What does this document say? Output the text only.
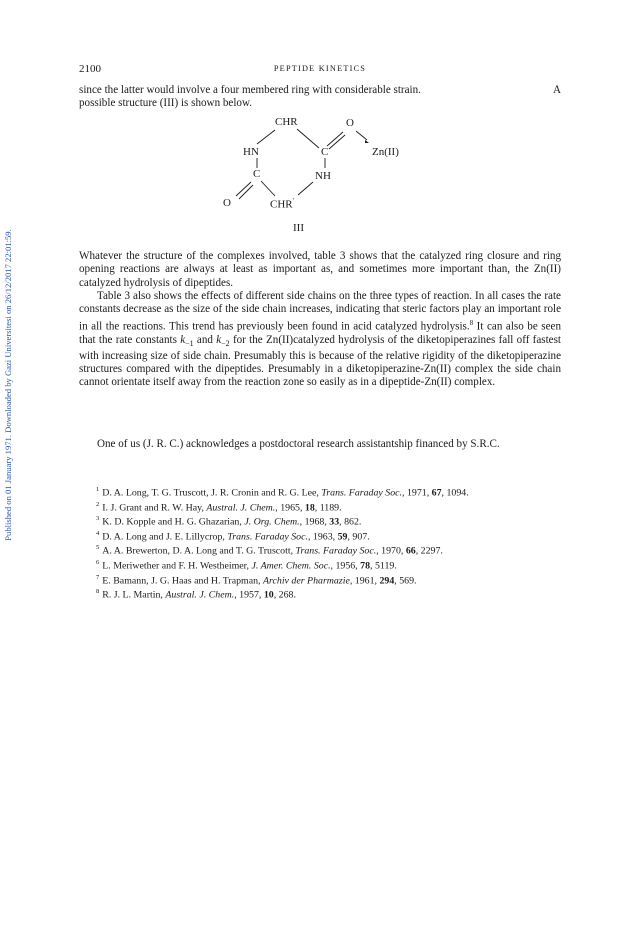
Published on 01 January 1971. Downloaded by Gazi Universitesi on 26/12/2017 22:01:59.
2100	PEPTIDE KINETICS

since the latter would involve a four membered ring with considerable strain.	A

possible structure (III) is shown below.

CHR	O
HN	C	Zn(II)
C	NH
O	CHR′
III

Whatever the structure of the complexes involved, table 3 shows that the catalyzed ring closure and ring opening reactions are always at least as important as, and sometimes more important than, the Zn(II) catalyzed hydrolysis of dipeptides.

Table 3 also shows the effects of different side chains on the three types of reaction. In all cases the rate constants decrease as the size of the side chain increases, indicating that steric factors play an important role in all the reactions. This trend has previously been found in acid catalyzed hydrolysis.$^8$ It can also be seen that the rate constants $k_{-1}$ and $k_{-2}$ for the Zn(II)catalyzed hydrolysis of the diketopiperazines fall off fastest with increasing size of side chain. Presumably this is because of the relative rigidity of the diketopiperazine structures compared with the dipeptides. Presumably in a diketopiperazine-Zn(II) complex the side chain cannot orientate itself away from the reaction zone so easily as in a dipeptide-Zn(II) complex.

One of us (J. R. C.) acknowledges a postdoctoral research assistantship financed by S.R.C.

$^1$ D. A. Long, T. G. Truscott, J. R. Cronin and R. G. Lee, Trans. Faraday Soc., 1971, 67, 1094.
$^2$ I. J. Grant and R. W. Hay, Austral. J. Chem., 1965, 18, 1189.
$^3$ K. D. Kopple and H. G. Ghazarian, J. Org. Chem., 1968, 33, 862.
$^4$ D. A. Long and J. E. Lillycrop, Trans. Faraday Soc., 1963, 59, 907.
$^5$ A. A. Brewerton, D. A. Long and T. G. Truscott, Trans. Faraday Soc., 1970, 66, 2297.
$^6$ L. Meriwether and F. H. Westheimer, J. Amer. Chem. Soc., 1956, 78, 5119.
$^7$ E. Bamann, J. G. Haas and H. Trapman, Archiv der Pharmazie, 1961, 294, 569.
$^8$ R. J. L. Martin, Austral. J. Chem., 1957, 10, 268.
